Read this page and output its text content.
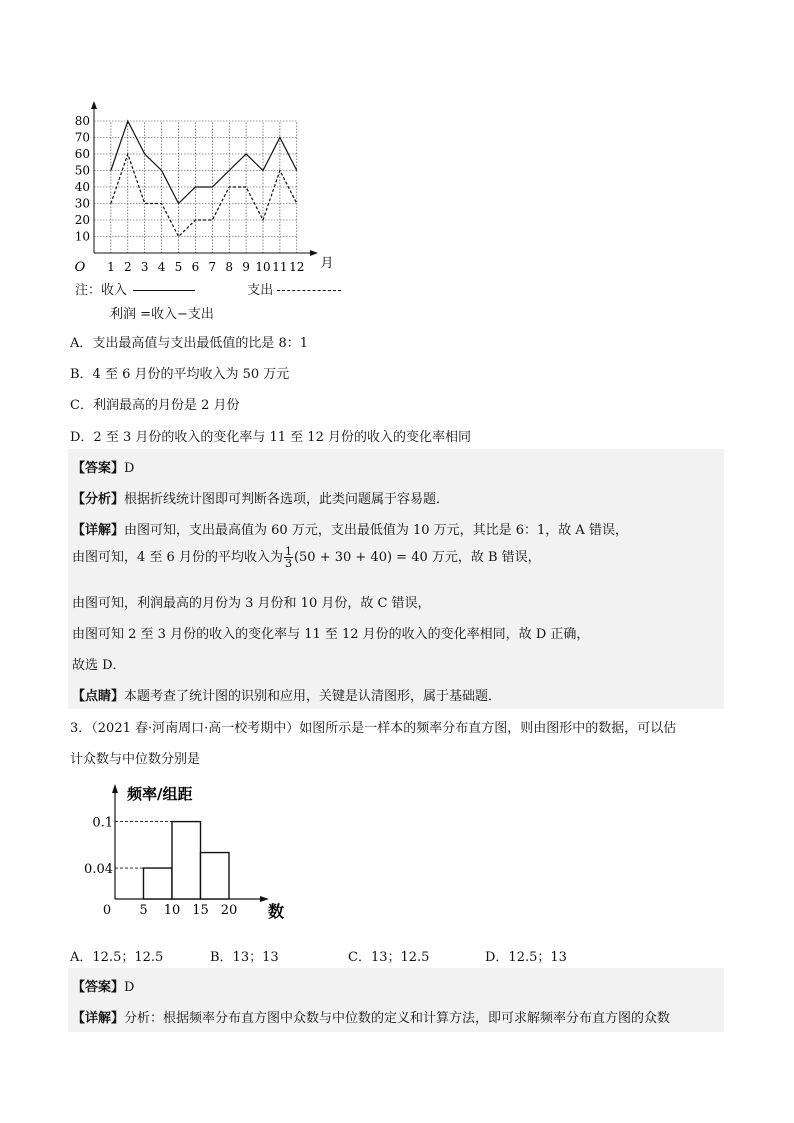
10
20
30
40
50
60
70
80
O 1 2 3 4 5 6 7 8 9 10 11 12 月
注：收入	支出
利润 =收入−支出
A．支出最高值与支出最低值的比是 8：1
B．4 至 6 月份的平均收入为 50 万元
C．利润最高的月份是 2 月份
D．2 至 3 月份的收入的变化率与 11 至 12 月份的收入的变化率相同
【答案】D
【分析】根据折线统计图即可判断各选项，此类问题属于容易题．
【详解】由图可知，支出最高值为 60 万元，支出最低值为 10 万元，其比是 6：1，故 A 错误，
由图可知，4 至 6 月份的平均收入为 $\frac{1}{3} (50 + 30 + 40) = 40$ 万元，故 B 错误，
由图可知，利润最高的月份为 3 月份和 10 月份，故 C 错误，
由图可知 2 至 3 月份的收入的变化率与 11 至 12 月份的收入的变化率相同，故 D 正确，
故选 D．
【点睛】本题考查了统计图的识别和应用，关键是认清图形，属于基础题．
3．（2021 春·河南周口·高一校考期中）如图所示是一样本的频率分布直方图，则由图形中的数据，可以估
计众数与中位数分别是
频率/组距
0.1
0.04
0 5 10 15 20 数
A．12.5；12.5	B．13；13	C．13；12.5	D．12.5；13
【答案】D
【详解】分析：根据频率分布直方图中众数与中位数的定义和计算方法，即可求解频率分布直方图的众数
